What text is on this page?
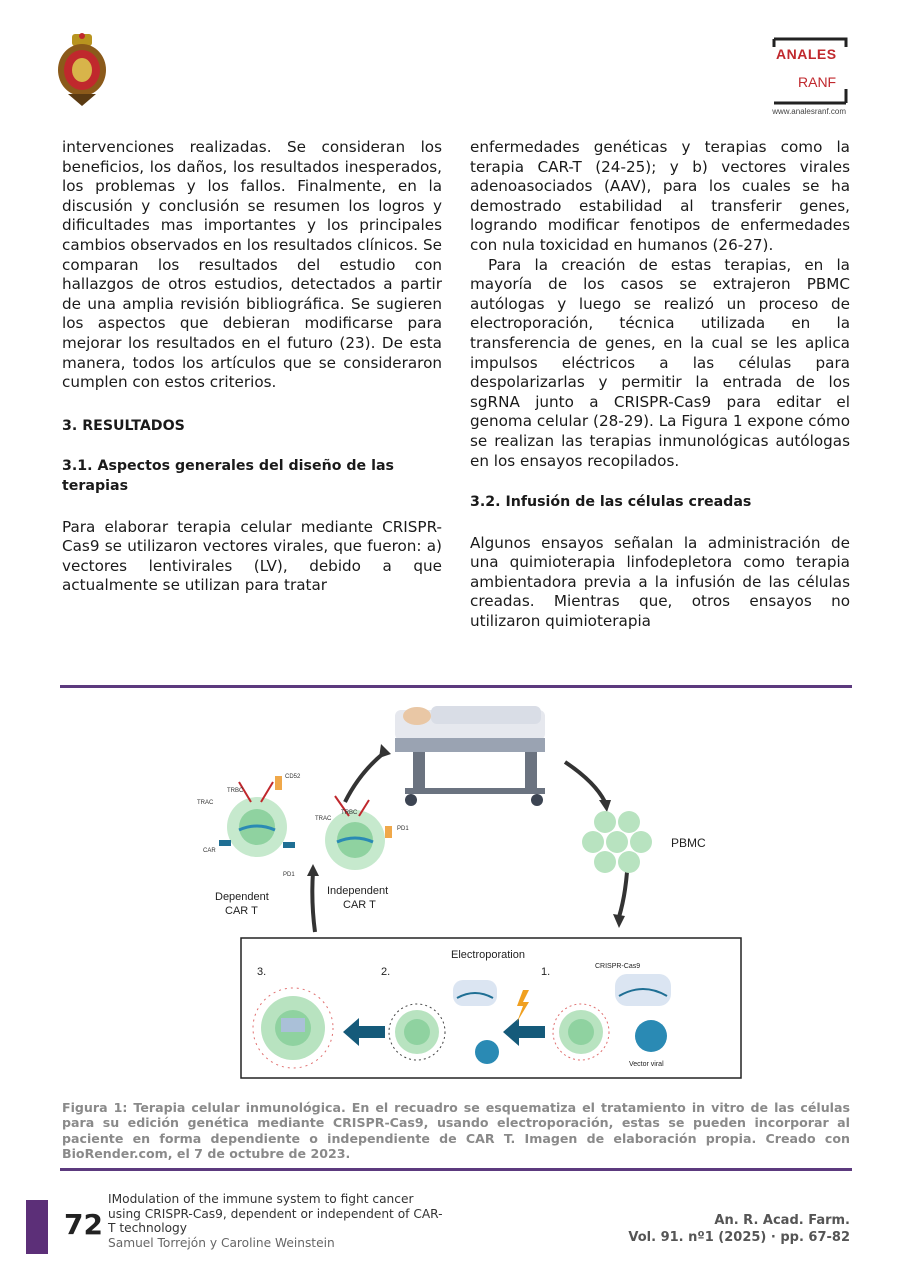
ANALES
RANF
www.analesranf.com

intervenciones realizadas. Se consideran los beneficios, los daños, los resultados inesperados, los problemas y los fallos. Finalmente, en la discusión y conclusión se resumen los logros y dificultades mas importantes y los principales cambios observados en los resultados clínicos. Se comparan los resultados del estudio con hallazgos de otros estudios, detectados a partir de una amplia revisión bibliográfica. Se sugieren los aspectos que debieran modificarse para mejorar los resultados en el futuro (23). De esta manera, todos los artículos que se consideraron cumplen con estos criterios.

3. RESULTADOS
3.1. Aspectos generales del diseño de las terapias

Para elaborar terapia celular mediante CRISPR-Cas9 se utilizaron vectores virales, que fueron: a) vectores lentivirales (LV), debido a que actualmente se utilizan para tratar

enfermedades genéticas y terapias como la terapia CAR-T (24-25); y b) vectores virales adenoasociados (AAV), para los cuales se ha demostrado estabilidad al transferir genes, logrando modificar fenotipos de enfermedades con nula toxicidad en humanos (26-27).

Para la creación de estas terapias, en la mayoría de los casos se extrajeron PBMC autólogas y luego se realizó un proceso de electroporación, técnica utilizada en la transferencia de genes, en la cual se les aplica impulsos eléctricos a las células para despolarizarlas y permitir la entrada de los sgRNA junto a CRISPR-Cas9 para editar el genoma celular (28-29). La Figura 1 expone cómo se realizan las terapias inmunológicas autólogas en los ensayos recopilados.

3.2. Infusión de las células creadas

Algunos ensayos señalan la administración de una quimioterapia linfodepletora como terapia ambientadora previa a la infusión de las células creadas. Mientras que, otros ensayos no utilizaron quimioterapia

PBMC
TRBC
TRAC
CD52
CAR
PD1
Dependent
CAR T
TRBC
TRAC
PD1
Independent
CAR T
Electroporation
3.	2.	1.	CRISPR-Cas9
Vector viral
Figura 1: Terapia celular inmunológica. En el recuadro se esquematiza el tratamiento in vitro de las células para su edición genética mediante CRISPR-Cas9, usando electroporación, estas se pueden incorporar al paciente en forma dependiente o independiente de CAR T. Imagen de elaboración propia. Creado con BioRender.com, el 7 de octubre de 2023.
72
IModulation of the immune system to fight cancer using CRISPR-Cas9, dependent or independent of CAR-T technology
Samuel Torrejón y Caroline Weinstein
An. R. Acad. Farm.
Vol. 91. nº1 (2025) · pp. 67-82
